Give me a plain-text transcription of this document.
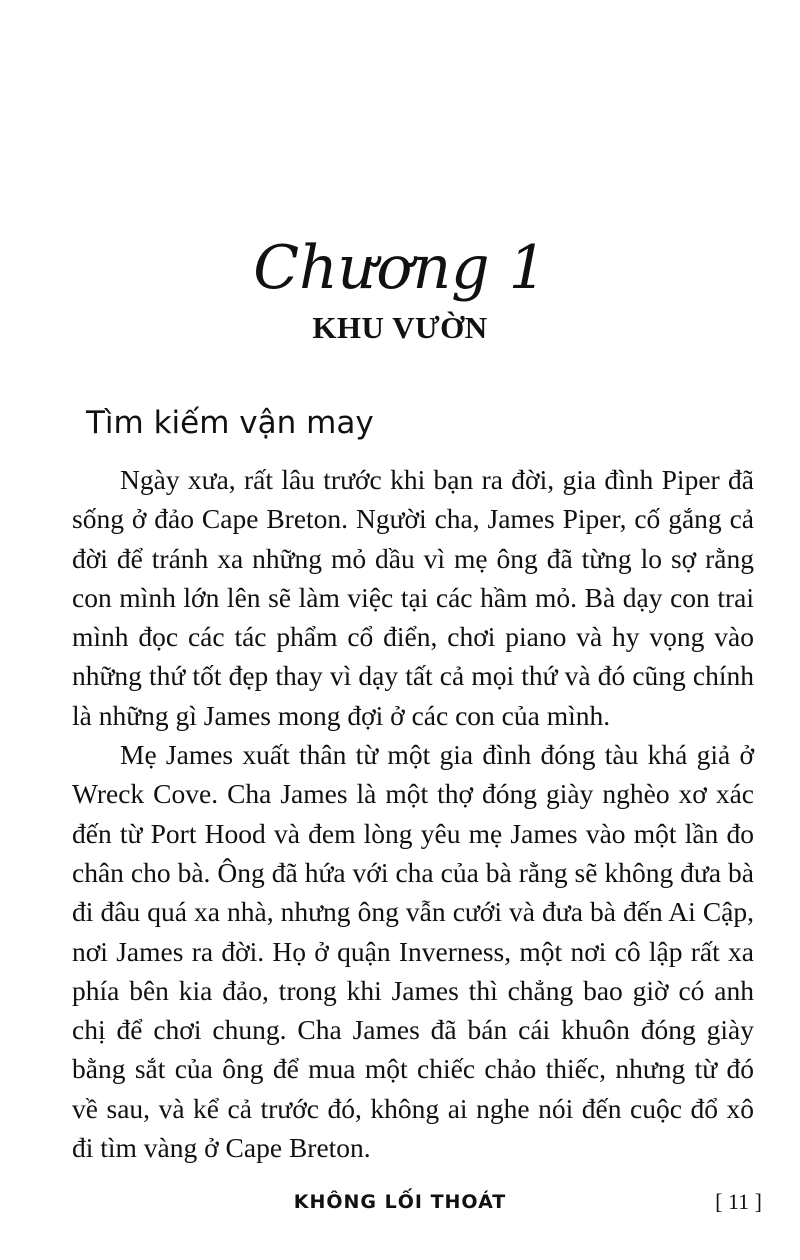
Chương 1
KHU VƯỜN
Tìm kiếm vận may

Ngày xưa, rất lâu trước khi bạn ra đời, gia đình Piper đã sống ở đảo Cape Breton. Người cha, James Piper, cố gắng cả đời để tránh xa những mỏ dầu vì mẹ ông đã từng lo sợ rằng con mình lớn lên sẽ làm việc tại các hầm mỏ. Bà dạy con trai mình đọc các tác phẩm cổ điển, chơi piano và hy vọng vào những thứ tốt đẹp thay vì dạy tất cả mọi thứ và đó cũng chính là những gì James mong đợi ở các con của mình.

Mẹ James xuất thân từ một gia đình đóng tàu khá giả ở Wreck Cove. Cha James là một thợ đóng giày nghèo xơ xác đến từ Port Hood và đem lòng yêu mẹ James vào một lần đo chân cho bà. Ông đã hứa với cha của bà rằng sẽ không đưa bà đi đâu quá xa nhà, nhưng ông vẫn cưới và đưa bà đến Ai Cập, nơi James ra đời. Họ ở quận Inverness, một nơi cô lập rất xa phía bên kia đảo, trong khi James thì chẳng bao giờ có anh chị để chơi chung. Cha James đã bán cái khuôn đóng giày bằng sắt của ông để mua một chiếc chảo thiếc, nhưng từ đó về sau, và kể cả trước đó, không ai nghe nói đến cuộc đổ xô đi tìm vàng ở Cape Breton.

KHÔNG LỐI THOÁT	[ 11 ]
